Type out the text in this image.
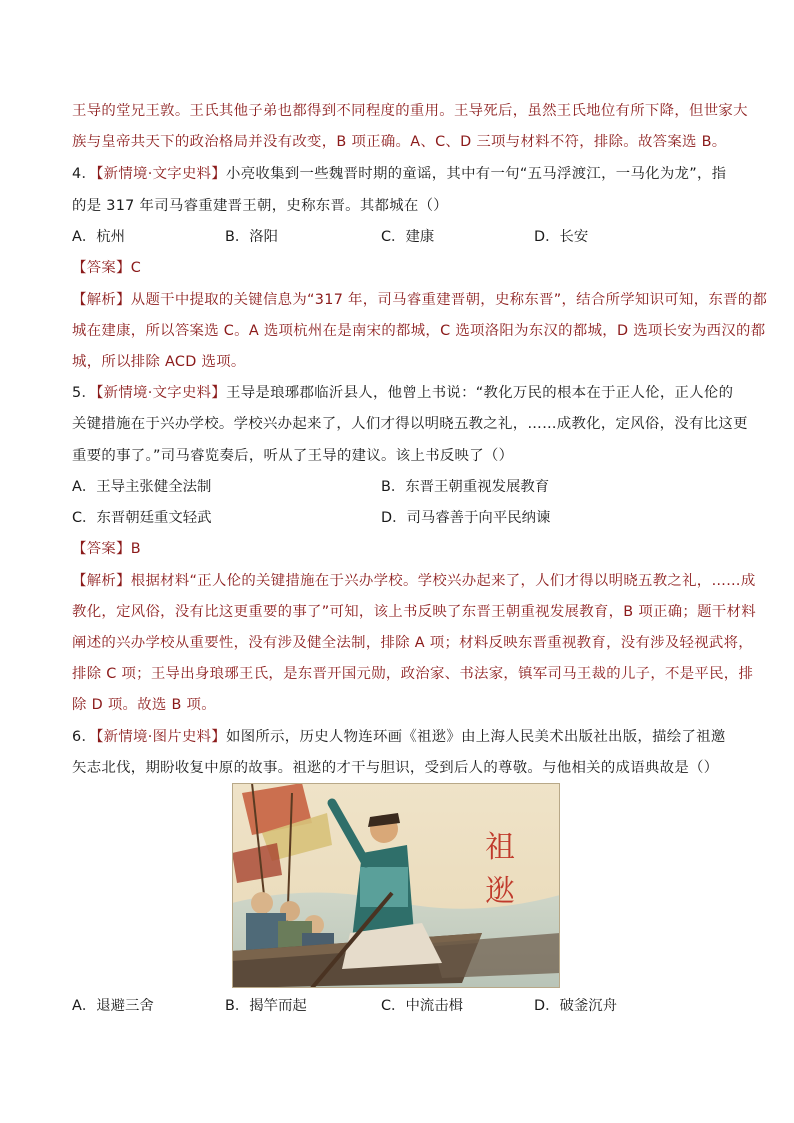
王导的堂兄王敦。王氏其他子弟也都得到不同程度的重用。王导死后，虽然王氏地位有所下降，但世家大
族与皇帝共天下的政治格局并没有改变，B 项正确。A、C、D 三项与材料不符，排除。故答案选 B。
4．【新情境·文字史料】小亮收集到一些魏晋时期的童谣，其中有一句“五马浮渡江，一马化为龙”，指
的是 317 年司马睿重建晋王朝，史称东晋。其都城在（）
A．杭州	B．洛阳	C．建康	D．长安
【答案】C
【解析】从题干中提取的关键信息为“317 年，司马睿重建晋朝，史称东晋”，结合所学知识可知，东晋的都
城在建康，所以答案选 C。A 选项杭州在是南宋的都城，C 选项洛阳为东汉的都城，D 选项长安为西汉的都
城，所以排除 ACD 选项。
5．【新情境·文字史料】王导是琅琊郡临沂县人，他曾上书说：“教化万民的根本在于正人伦，正人伦的
关键措施在于兴办学校。学校兴办起来了，人们才得以明晓五教之礼，……成教化，定风俗，没有比这更
重要的事了。”司马睿览奏后，听从了王导的建议。该上书反映了（）
A．王导主张健全法制	B．东晋王朝重视发展教育
C．东晋朝廷重文轻武	D．司马睿善于向平民纳谏
【答案】B
【解析】根据材料“正人伦的关键措施在于兴办学校。学校兴办起来了，人们才得以明晓五教之礼，……成
教化，定风俗，没有比这更重要的事了”可知，该上书反映了东晋王朝重视发展教育，B 项正确；题干材料
阐述的兴办学校从重要性，没有涉及健全法制，排除 A 项；材料反映东晋重视教育，没有涉及轻视武将，
排除 C 项；王导出身琅琊王氏，是东晋开国元勋，政治家、书法家，镇军司马王裁的儿子，不是平民，排
除 D 项。故选 B 项。
6．【新情境·图片史料】如图所示，历史人物连环画《祖逖》由上海人民美术出版社出版，描绘了祖邀
矢志北伐，期盼收复中原的故事。祖逖的才干与胆识，受到后人的尊敬。与他相关的成语典故是（）
祖
逖
A．退避三舍	B．揭竿而起	C．中流击楫	D．破釜沉舟
